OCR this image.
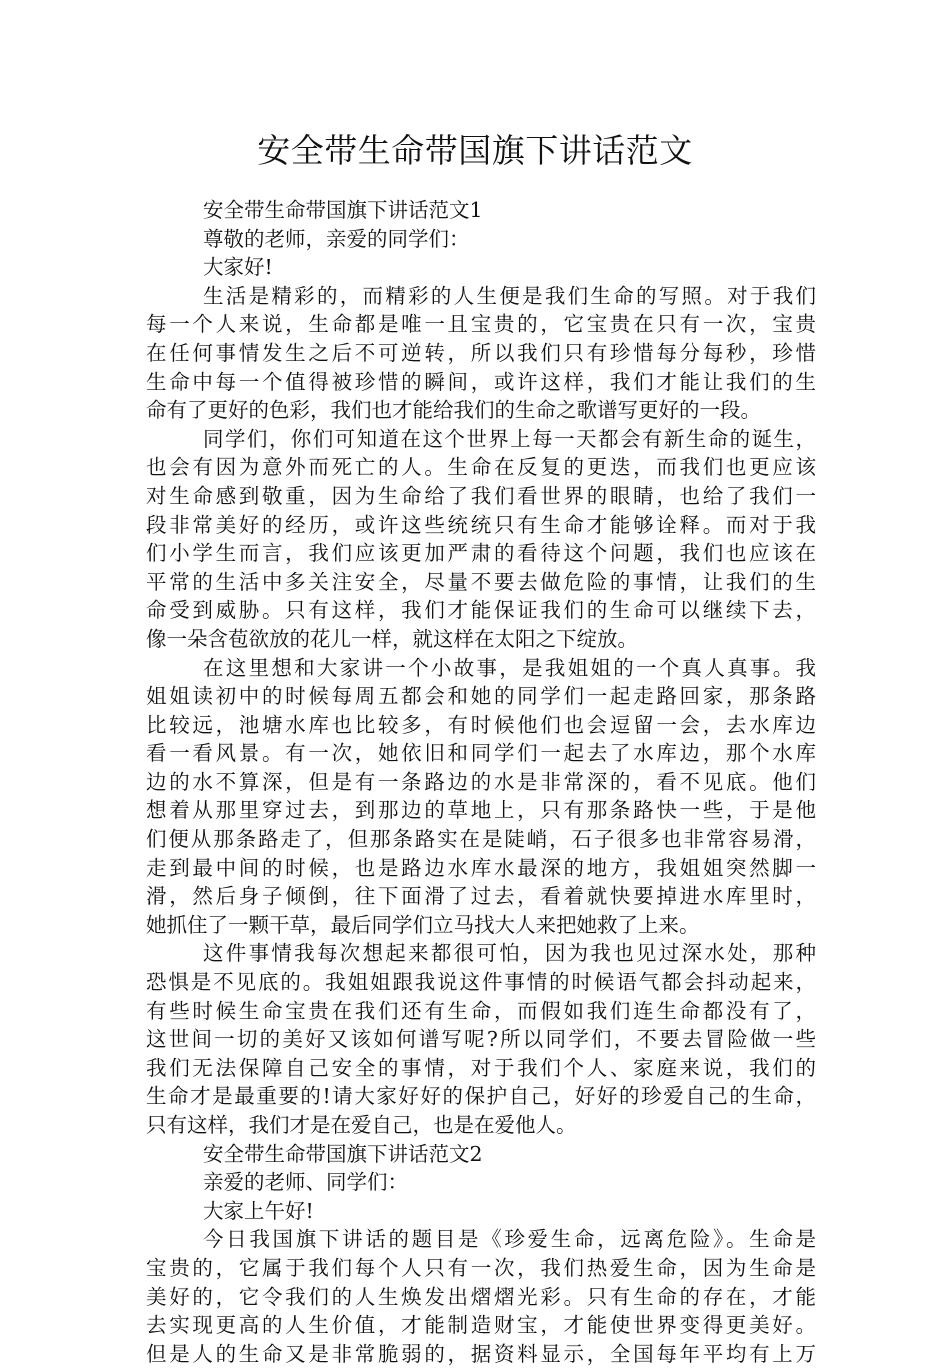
安全带生命带国旗下讲话范文
安全带生命带国旗下讲话范文1
尊敬的老师，亲爱的同学们：
大家好!
生活是精彩的，而精彩的人生便是我们生命的写照。对于我们
每一个人来说，生命都是唯一且宝贵的，它宝贵在只有一次，宝贵
在任何事情发生之后不可逆转，所以我们只有珍惜每分每秒，珍惜
生命中每一个值得被珍惜的瞬间，或许这样，我们才能让我们的生
命有了更好的色彩，我们也才能给我们的生命之歌谱写更好的一段。
同学们，你们可知道在这个世界上每一天都会有新生命的诞生，
也会有因为意外而死亡的人。生命在反复的更迭，而我们也更应该
对生命感到敬重，因为生命给了我们看世界的眼睛，也给了我们一
段非常美好的经历，或许这些统统只有生命才能够诠释。而对于我
们小学生而言，我们应该更加严肃的看待这个问题，我们也应该在
平常的生活中多关注安全，尽量不要去做危险的事情，让我们的生
命受到威胁。只有这样，我们才能保证我们的生命可以继续下去，
像一朵含苞欲放的花儿一样，就这样在太阳之下绽放。
在这里想和大家讲一个小故事，是我姐姐的一个真人真事。我
姐姐读初中的时候每周五都会和她的同学们一起走路回家，那条路
比较远，池塘水库也比较多，有时候他们也会逗留一会，去水库边
看一看风景。有一次，她依旧和同学们一起去了水库边，那个水库
边的水不算深，但是有一条路边的水是非常深的，看不见底。他们
想着从那里穿过去，到那边的草地上，只有那条路快一些，于是他
们便从那条路走了，但那条路实在是陡峭，石子很多也非常容易滑，
走到最中间的时候，也是路边水库水最深的地方，我姐姐突然脚一
滑，然后身子倾倒，往下面滑了过去，看着就快要掉进水库里时，
她抓住了一颗干草，最后同学们立马找大人来把她救了上来。
这件事情我每次想起来都很可怕，因为我也见过深水处，那种
恐惧是不见底的。我姐姐跟我说这件事情的时候语气都会抖动起来，
有些时候生命宝贵在我们还有生命，而假如我们连生命都没有了，
这世间一切的美好又该如何谱写呢?所以同学们，不要去冒险做一些
我们无法保障自己安全的事情，对于我们个人、家庭来说，我们的
生命才是最重要的!请大家好好的保护自己，好好的珍爱自己的生命，
只有这样，我们才是在爱自己，也是在爱他人。
安全带生命带国旗下讲话范文2
亲爱的老师、同学们：
大家上午好!
今日我国旗下讲话的题目是《珍爱生命，远离危险》。生命是
宝贵的，它属于我们每个人只有一次，我们热爱生命，因为生命是
美好的，它令我们的人生焕发出熠熠光彩。只有生命的存在，才能
去实现更高的人生价值，才能制造财宝，才能使世界变得更美好。
但是人的生命又是非常脆弱的，据资料显示，全国每年平均有上万
